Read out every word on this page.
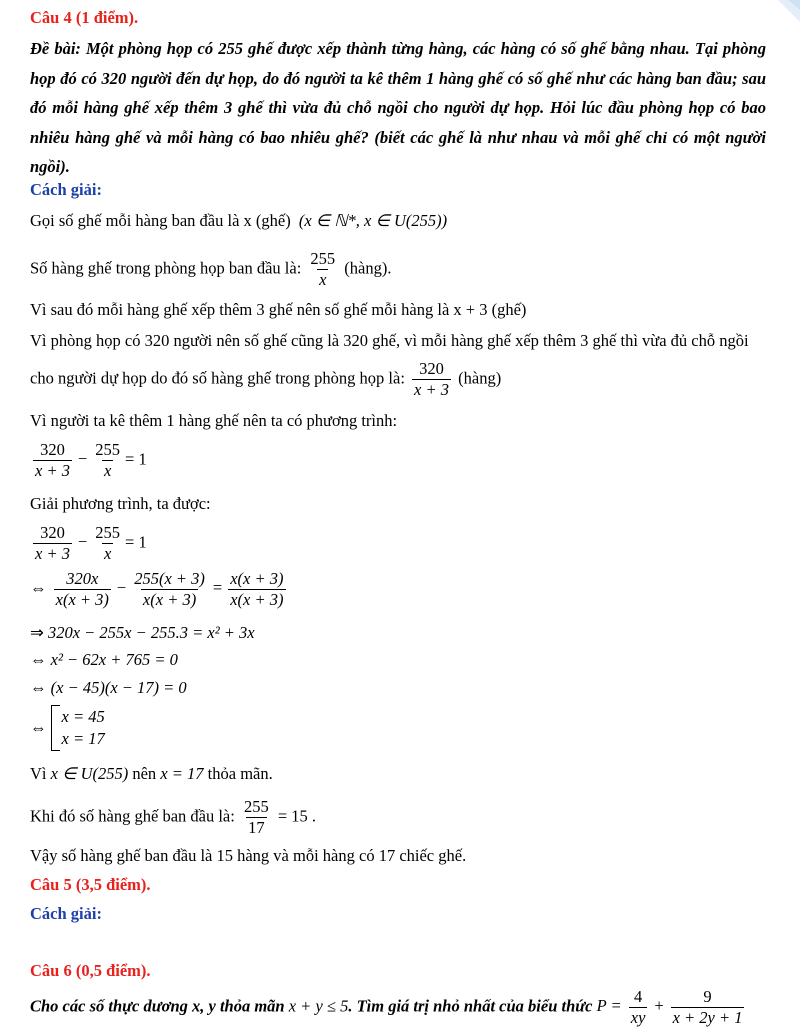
Câu 4 (1 điểm).
Đề bài: Một phòng họp có 255 ghế được xếp thành từng hàng, các hàng có số ghế bằng nhau. Tại phòng họp đó có 320 người đến dự họp, do đó người ta kê thêm 1 hàng ghế có số ghế như các hàng ban đầu; sau đó mỗi hàng ghế xếp thêm 3 ghế thì vừa đủ chỗ ngồi cho người dự họp. Hỏi lúc đầu phòng họp có bao nhiêu hàng ghế và mỗi hàng có bao nhiêu ghế? (biết các ghế là như nhau và mỗi ghế chỉ có một người ngồi).
Cách giải:
Gọi số ghế mỗi hàng ban đầu là x (ghế) (x ∈ ℕ*, x ∈ U(255))
Số hàng ghế trong phòng họp ban đầu là: $\frac{255}{x}$ (hàng).
Vì sau đó mỗi hàng ghế xếp thêm 3 ghế nên số ghế mỗi hàng là x + 3 (ghế)
Vì phòng họp có 320 người nên số ghế cũng là 320 ghế, vì mỗi hàng ghế xếp thêm 3 ghế thì vừa đủ chỗ ngồi
cho người dự họp do đó số hàng ghế trong phòng họp là: $\frac{320}{x + 3}$ (hàng)
Vì người ta kê thêm 1 hàng ghế nên ta có phương trình:
$\frac{320}{x + 3} - \frac{255}{x} = 1$
Giải phương trình, ta được:
$\frac{320}{x + 3} - \frac{255}{x} = 1$
⇔ $\frac{320x}{x(x + 3)} - \frac{255(x + 3)}{x(x + 3)} = \frac{x(x + 3)}{x(x + 3)}$
⇒ 320x − 255x − 255.3 = x² + 3x
⇔ x² − 62x + 765 = 0
⇔ (x − 45)(x − 17) = 0
⇔
x = 45
x = 17
Vì x ∈ U(255) nên x = 17 thỏa mãn.
Khi đó số hàng ghế ban đầu là: $\frac{255}{17} = 15$ .
Vậy số hàng ghế ban đầu là 15 hàng và mỗi hàng có 17 chiếc ghế.
Câu 5 (3,5 điểm).
Cách giải:
Câu 6 (0,5 điểm).
Cho các số thực dương x, y thỏa mãn x + y ≤ 5. Tìm giá trị nhỏ nhất của biểu thức $P = \frac{4}{xy} + \frac{9}{x + 2y + 1}$
